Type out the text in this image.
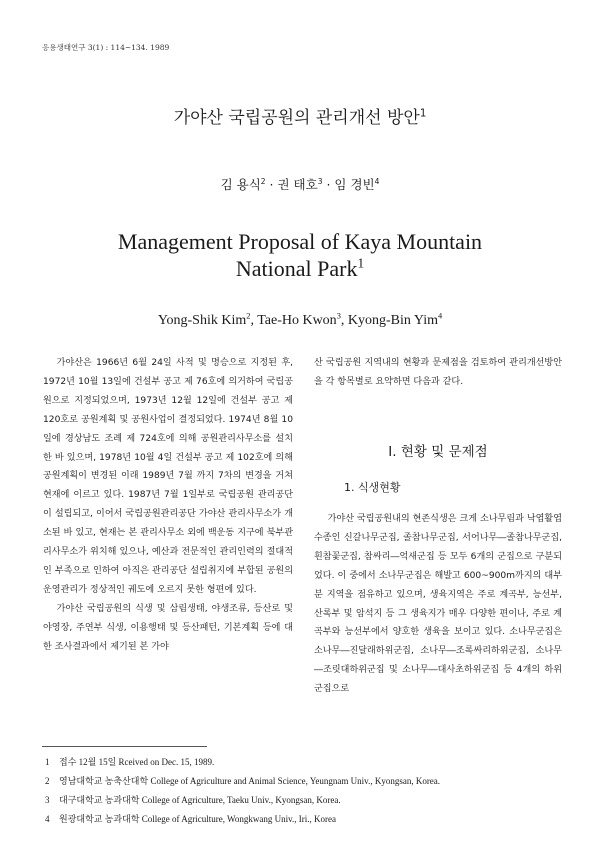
응용생태연구 3(1) : 114~134. 1989
가야산 국립공원의 관리개선 방안$^1$
김 용식$^2$ · 권 태호$^3$ · 임 경빈$^4$
Management Proposal of Kaya Mountain
National Park$^1$
Yong-Shik Kim$^2$, Tae-Ho Kwon$^3$, Kyong-Bin Yim$^4$

가야산은 1966년 6월 24일 사적 및 명승으로 지정된 후, 1972년 10월 13일에 건설부 공고 제 76호에 의거하여 국립공원으로 지정되었으며, 1973년 12월 12일에 건설부 공고 제 120호로 공원계획 및 공원사업이 결정되었다. 1974년 8월 10일에 경상남도 조례 제 724호에 의해 공원관리사무소를 설치 한 바 있으며, 1978년 10월 4일 건설부 공고 제 102호에 의해 공원계획이 변경된 이래 1989년 7월 까지 7차의 변경을 거쳐 현재에 이르고 있다. 1987년 7월 1일부로 국립공원 관리공단이 설립되고, 이어서 국립공원관리공단 가야산 관리사무소가 개소된 바 있고, 현재는 본 관리사무소 외에 백운동 지구에 북부관리사무소가 위치해 있으나, 예산과 전문적인 관리인력의 절대적인 부족으로 인하여 아직은 관리공단 설립취지에 부합된 공원의 운영관리가 정상적인 궤도에 오르지 못한 형편에 있다.

가야산 국립공원의 식생 및 삼림생태, 야생조류, 등산로 및 야영장, 주연부 식생, 이용행태 및 등산패턴, 기본계획 등에 대한 조사결과에서 제기된 본 가야

산 국립공원 지역내의 현황과 문제점을 검토하여 관리개선방안을 각 항목별로 요약하면 다음과 같다.

Ⅰ. 현황 및 문제점
1. 식생현황

가야산 국립공원내의 현존식생은 크게 소나무림과 낙엽활엽수종인 신갈나무군집, 졸참나무군집, 서어나무―졸참나무군집, 흰참꽃군집, 참싸리―억새군집 등 모두 6개의 군집으로 구분되었다. 이 중에서 소나무군집은 해발고 600~900m까지의 대부분 지역을 점유하고 있으며, 생육지역은 주로 계곡부, 능선부, 산록부 및 암석지 등 그 생육지가 매우 다양한 편이나, 주로 계곡부와 능선부에서 양호한 생육을 보이고 있다. 소나무군집은 소나무―진달래하위군집, 소나무―조록싸리하위군집, 소나무―조릿대하위군집 및 소나무―대사초하위군집 등 4개의 하위군집으로

1 접수 12월 15일 Rceived on Dec. 15, 1989.
2 영남대학교 농축산대학 College of Agriculture and Animal Science, Yeungnam Univ., Kyongsan, Korea.
3 대구대학교 농과대학 College of Agriculture, Taeku Univ., Kyongsan, Korea.
4 원광대학교 농과대학 College of Agriculture, Wongkwang Univ., Iri., Korea
